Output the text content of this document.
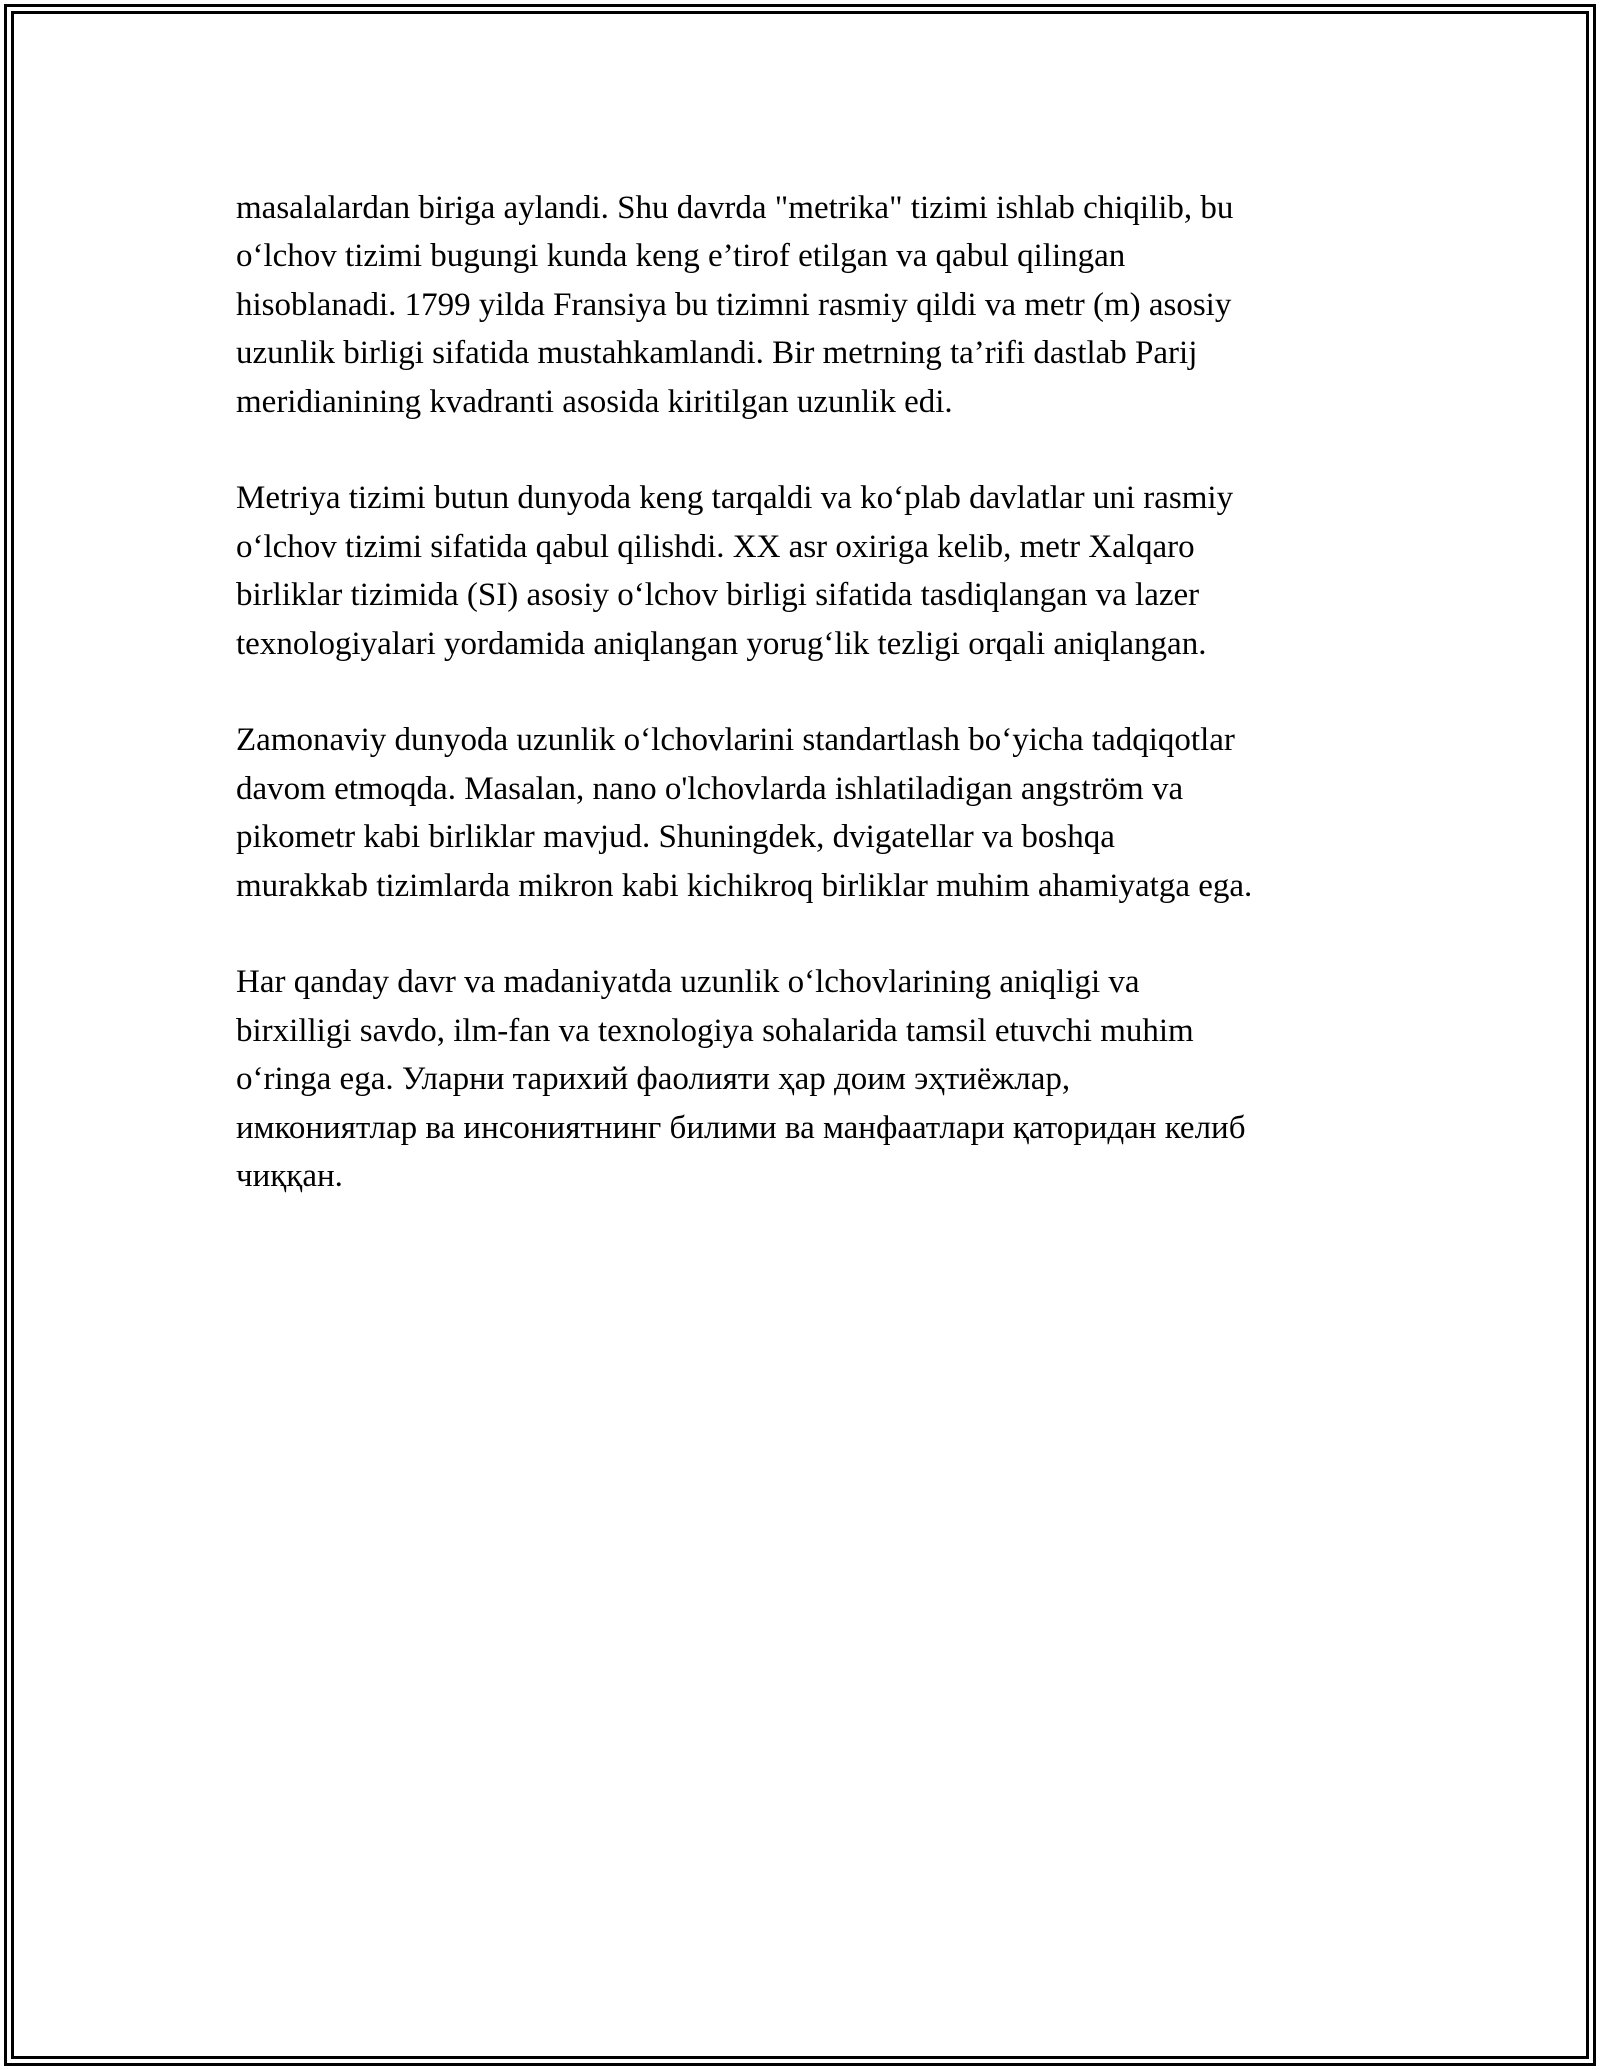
masalalardan biriga aylandi. Shu davrda "metrika" tizimi ishlab chiqilib, bu
o‘lchov tizimi bugungi kunda keng e’tirof etilgan va qabul qilingan
hisoblanadi. 1799 yilda Fransiya bu tizimni rasmiy qildi va metr (m) asosiy
uzunlik birligi sifatida mustahkamlandi. Bir metrning ta’rifi dastlab Parij
meridianining kvadranti asosida kiritilgan uzunlik edi.

Metriya tizimi butun dunyoda keng tarqaldi va ko‘plab davlatlar uni rasmiy
o‘lchov tizimi sifatida qabul qilishdi. XX asr oxiriga kelib, metr Xalqaro
birliklar tizimida (SI) asosiy o‘lchov birligi sifatida tasdiqlangan va lazer
texnologiyalari yordamida aniqlangan yorug‘lik tezligi orqali aniqlangan.

Zamonaviy dunyoda uzunlik o‘lchovlarini standartlash bo‘yicha tadqiqotlar
davom etmoqda. Masalan, nano o'lchovlarda ishlatiladigan angström va
pikometr kabi birliklar mavjud. Shuningdek, dvigatellar va boshqa
murakkab tizimlarda mikron kabi kichikroq birliklar muhim ahamiyatga ega.

Har qanday davr va madaniyatda uzunlik o‘lchovlarining aniqligi va
birxilligi savdo, ilm-fan va texnologiya sohalarida tamsil etuvchi muhim
o‘ringa ega. Уларни тарихий фаолияти ҳар доим эҳтиёжлар,
имкониятлар ва инсониятнинг билими ва манфаатлари қаторидан келиб
чиққан.
